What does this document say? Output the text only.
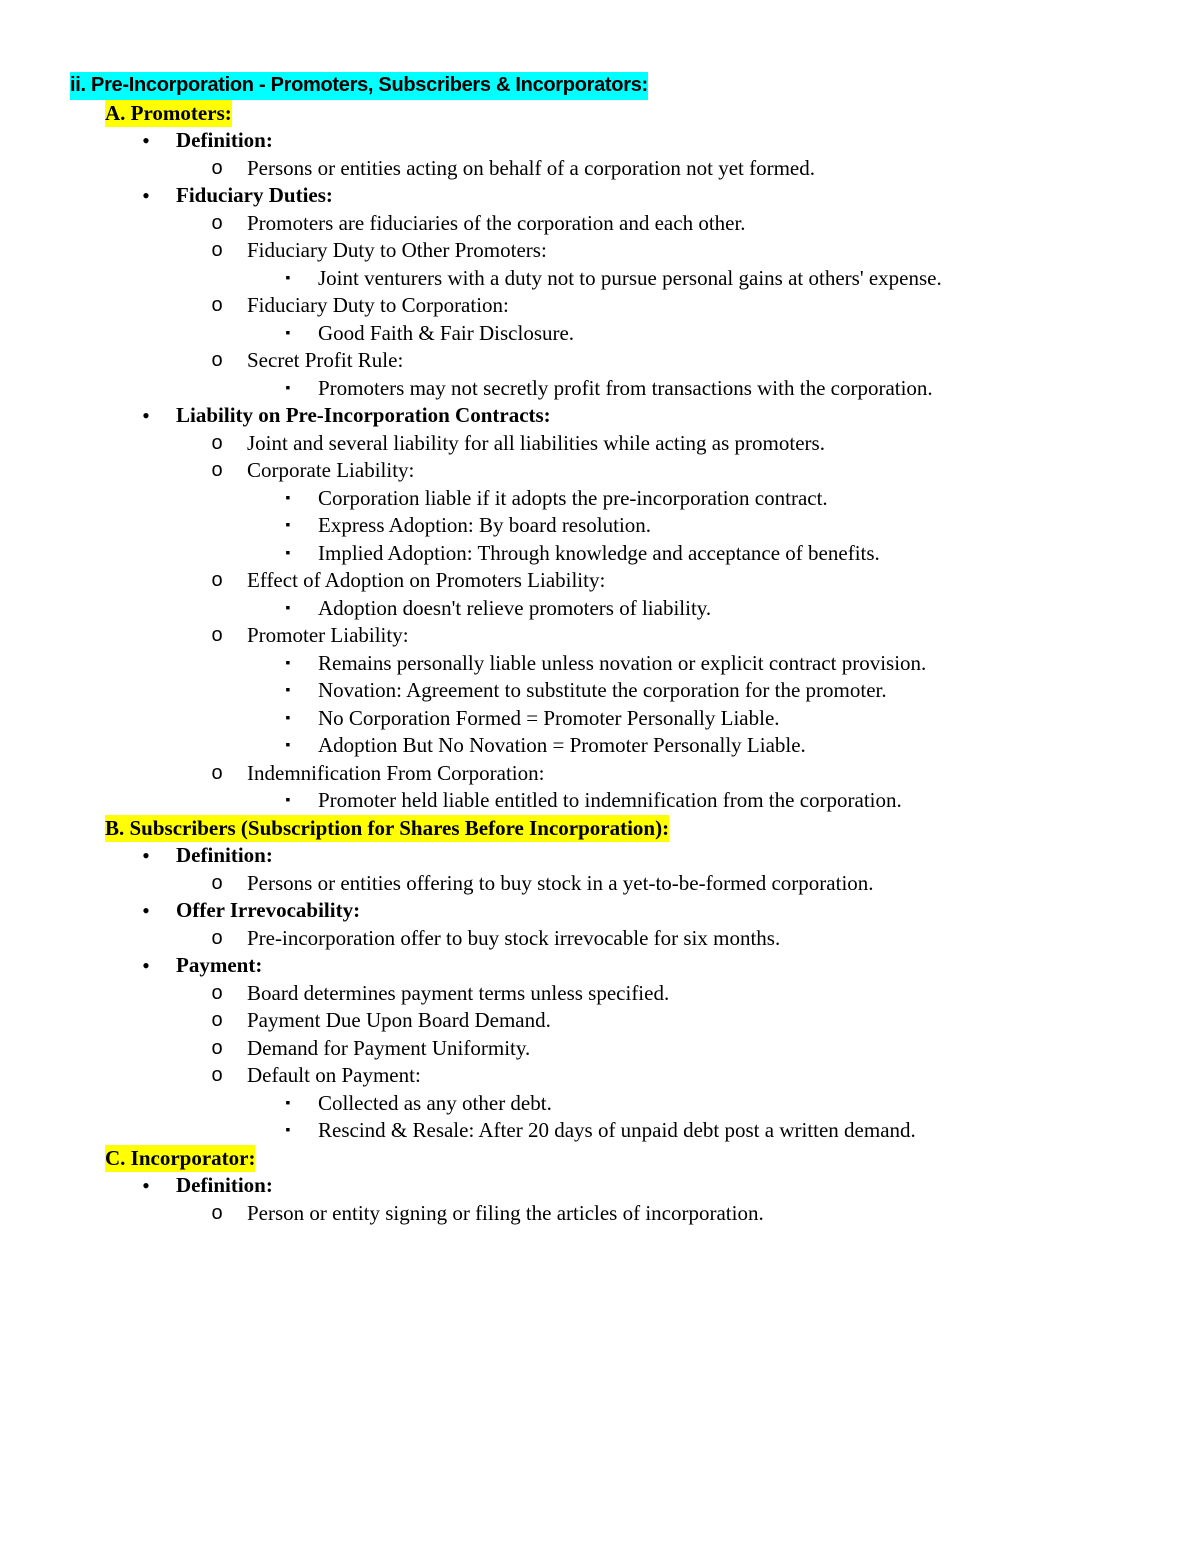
ii. Pre-Incorporation - Promoters, Subscribers & Incorporators:
A. Promoters:
• Definition:
o Persons or entities acting on behalf of a corporation not yet formed.
• Fiduciary Duties:
o Promoters are fiduciaries of the corporation and each other.
o Fiduciary Duty to Other Promoters:
▪	Joint venturers with a duty not to pursue personal gains at others' expense.
o Fiduciary Duty to Corporation:
▪	Good Faith & Fair Disclosure.
o Secret Profit Rule:
▪	Promoters may not secretly profit from transactions with the corporation.
• Liability on Pre-Incorporation Contracts:
o Joint and several liability for all liabilities while acting as promoters.
o Corporate Liability:
▪	Corporation liable if it adopts the pre-incorporation contract.
▪	Express Adoption: By board resolution.
▪	Implied Adoption: Through knowledge and acceptance of benefits.
o Effect of Adoption on Promoters Liability:
▪	Adoption doesn't relieve promoters of liability.
o Promoter Liability:
▪	Remains personally liable unless novation or explicit contract provision.
▪	Novation: Agreement to substitute the corporation for the promoter.
▪	No Corporation Formed = Promoter Personally Liable.
▪	Adoption But No Novation = Promoter Personally Liable.
o Indemnification From Corporation:
▪	Promoter held liable entitled to indemnification from the corporation.
B. Subscribers (Subscription for Shares Before Incorporation):
• Definition:
o Persons or entities offering to buy stock in a yet-to-be-formed corporation.
• Offer Irrevocability:
o Pre-incorporation offer to buy stock irrevocable for six months.
• Payment:
o Board determines payment terms unless specified.
o Payment Due Upon Board Demand.
o Demand for Payment Uniformity.
o Default on Payment:
▪	Collected as any other debt.
▪	Rescind & Resale: After 20 days of unpaid debt post a written demand.
C. Incorporator:
• Definition:
o Person or entity signing or filing the articles of incorporation.
